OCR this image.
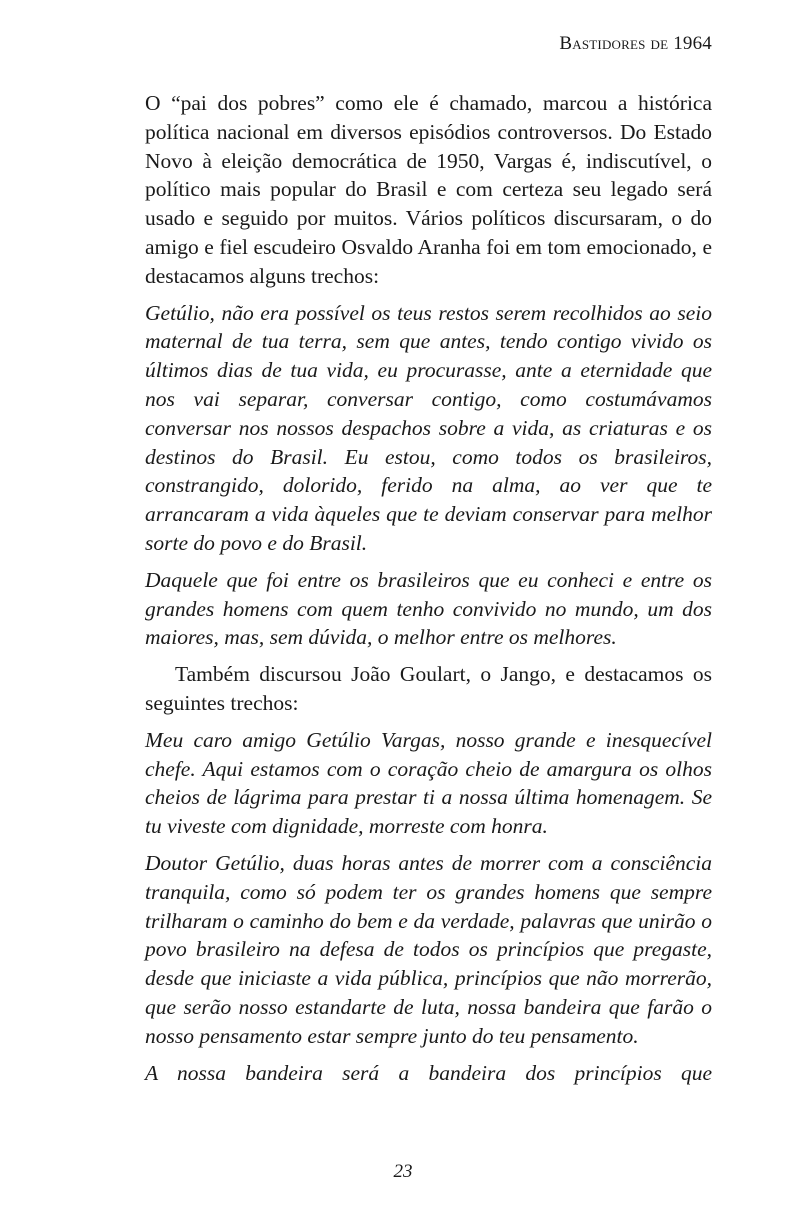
Bastidores de 1964

O “pai dos pobres” como ele é chamado, marcou a histórica política nacional em diversos episódios controversos. Do Estado Novo à eleição democrática de 1950, Vargas é, indiscutível, o político mais popular do Brasil e com certeza seu legado será usado e seguido por muitos. Vários políticos discursaram, o do amigo e fiel escudeiro Osvaldo Aranha foi em tom emocionado, e destacamos alguns trechos:

Getúlio, não era possível os teus restos serem recolhidos ao seio maternal de tua terra, sem que antes, tendo contigo vivido os últimos dias de tua vida, eu procurasse, ante a eternidade que nos vai separar, conversar contigo, como costumávamos conversar nos nossos despachos sobre a vida, as criaturas e os destinos do Brasil. Eu estou, como todos os brasileiros, constrangido, dolorido, ferido na alma, ao ver que te arrancaram a vida àqueles que te deviam conservar para melhor sorte do povo e do Brasil.

Daquele que foi entre os brasileiros que eu conheci e entre os grandes homens com quem tenho convivido no mundo, um dos maiores, mas, sem dúvida, o melhor entre os melhores.

Também discursou João Goulart, o Jango, e destacamos os seguintes trechos:

Meu caro amigo Getúlio Vargas, nosso grande e inesquecível chefe. Aqui estamos com o coração cheio de amargura os olhos cheios de lágrima para prestar ti a nossa última homenagem. Se tu viveste com dignidade, morreste com honra.

Doutor Getúlio, duas horas antes de morrer com a consciência tranquila, como só podem ter os grandes homens que sempre trilharam o caminho do bem e da verdade, palavras que unirão o povo brasileiro na defesa de todos os princípios que pregaste, desde que iniciaste a vida pública, princípios que não morrerão, que serão nosso estandarte de luta, nossa bandeira que farão o nosso pensamento estar sempre junto do teu pensamento.

A nossa bandeira será a bandeira dos princípios que

23
